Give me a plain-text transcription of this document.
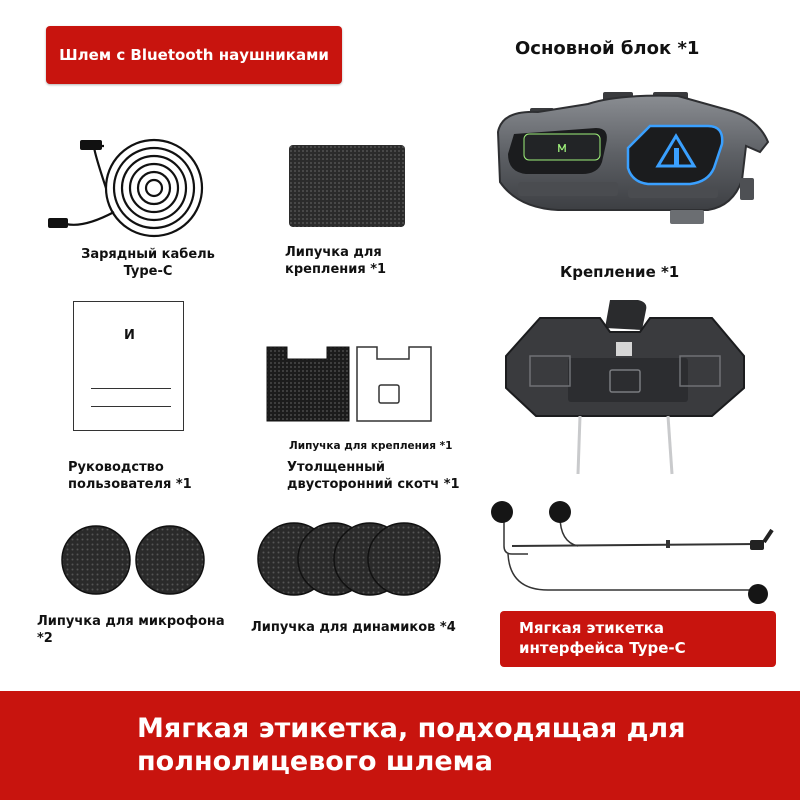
Шлем с Bluetooth наушниками	Основной блок *1
м
Зарядный кабель
Type-C
Липучка для
крепления *1	Крепление *1
И
Руководство
пользователя *1
Липучка для крепления *1
Утолщенный
двусторонний скотч *1
Липучка для микрофона
*2
Липучка для динамиков *4	Мягкая этикетка
интерфейса Type-C
Мягкая этикетка, подходящая для
полнолицевого шлема
